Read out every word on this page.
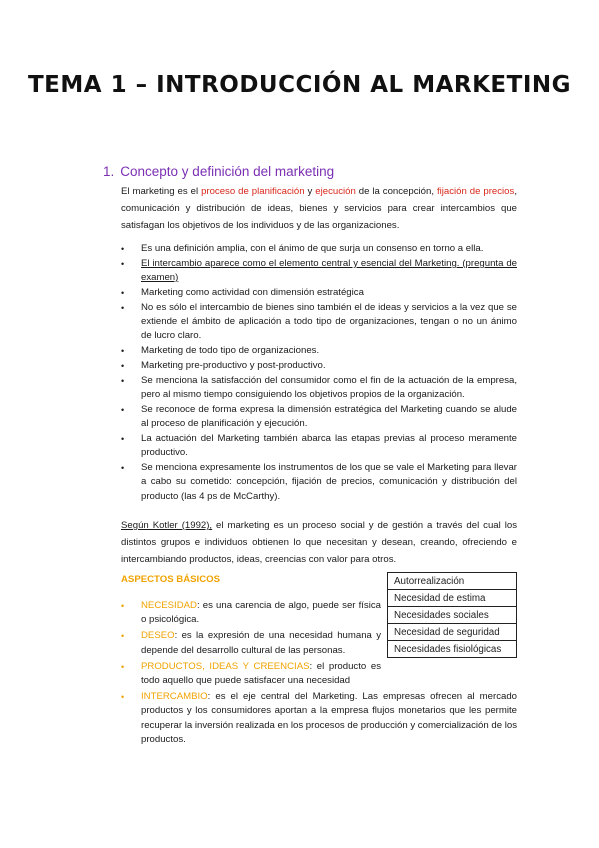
TEMA 1 – INTRODUCCIÓN AL MARKETING
1. Concepto y definición del marketing
El marketing es el proceso de planificación y ejecución de la concepción, fijación de precios, comunicación y distribución de ideas, bienes y servicios para crear intercambios que satisfagan los objetivos de los individuos y de las organizaciones.
• Es una definición amplia, con el ánimo de que surja un consenso en torno a ella.
• El intercambio aparece como el elemento central y esencial del Marketing. (pregunta de examen)
• Marketing como actividad con dimensión estratégica
• No es sólo el intercambio de bienes sino también el de ideas y servicios a la vez que se extiende el ámbito de aplicación a todo tipo de organizaciones, tengan o no un ánimo de lucro claro.
• Marketing de todo tipo de organizaciones.
• Marketing pre-productivo y post-productivo.
• Se menciona la satisfacción del consumidor como el fin de la actuación de la empresa, pero al mismo tiempo consiguiendo los objetivos propios de la organización.
• Se reconoce de forma expresa la dimensión estratégica del Marketing cuando se alude al proceso de planificación y ejecución.
• La actuación del Marketing también abarca las etapas previas al proceso meramente productivo.
• Se menciona expresamente los instrumentos de los que se vale el Marketing para llevar a cabo su cometido: concepción, fijación de precios, comunicación y distribución del producto (las 4 ps de McCarthy).
Según Kotler (1992), el marketing es un proceso social y de gestión a través del cual los distintos grupos e individuos obtienen lo que necesitan y desean, creando, ofreciendo e intercambiando productos, ideas, creencias con valor para otros.
ASPECTOS BÁSICOS	Autorrealización
Necesidad de estima
Necesidades sociales
Necesidad de seguridad
Necesidades fisiológicas
• NECESIDAD: es una carencia de algo, puede ser física o psicológica.
• DESEO: es la expresión de una necesidad humana y depende del desarrollo cultural de las personas.
• PRODUCTOS, IDEAS Y CREENCIAS: el producto es todo aquello que puede satisfacer una necesidad
• INTERCAMBIO: es el eje central del Marketing. Las empresas ofrecen al mercado productos y los consumidores aportan a la empresa flujos monetarios que les permite recuperar la inversión realizada en los procesos de producción y comercialización de los productos.
